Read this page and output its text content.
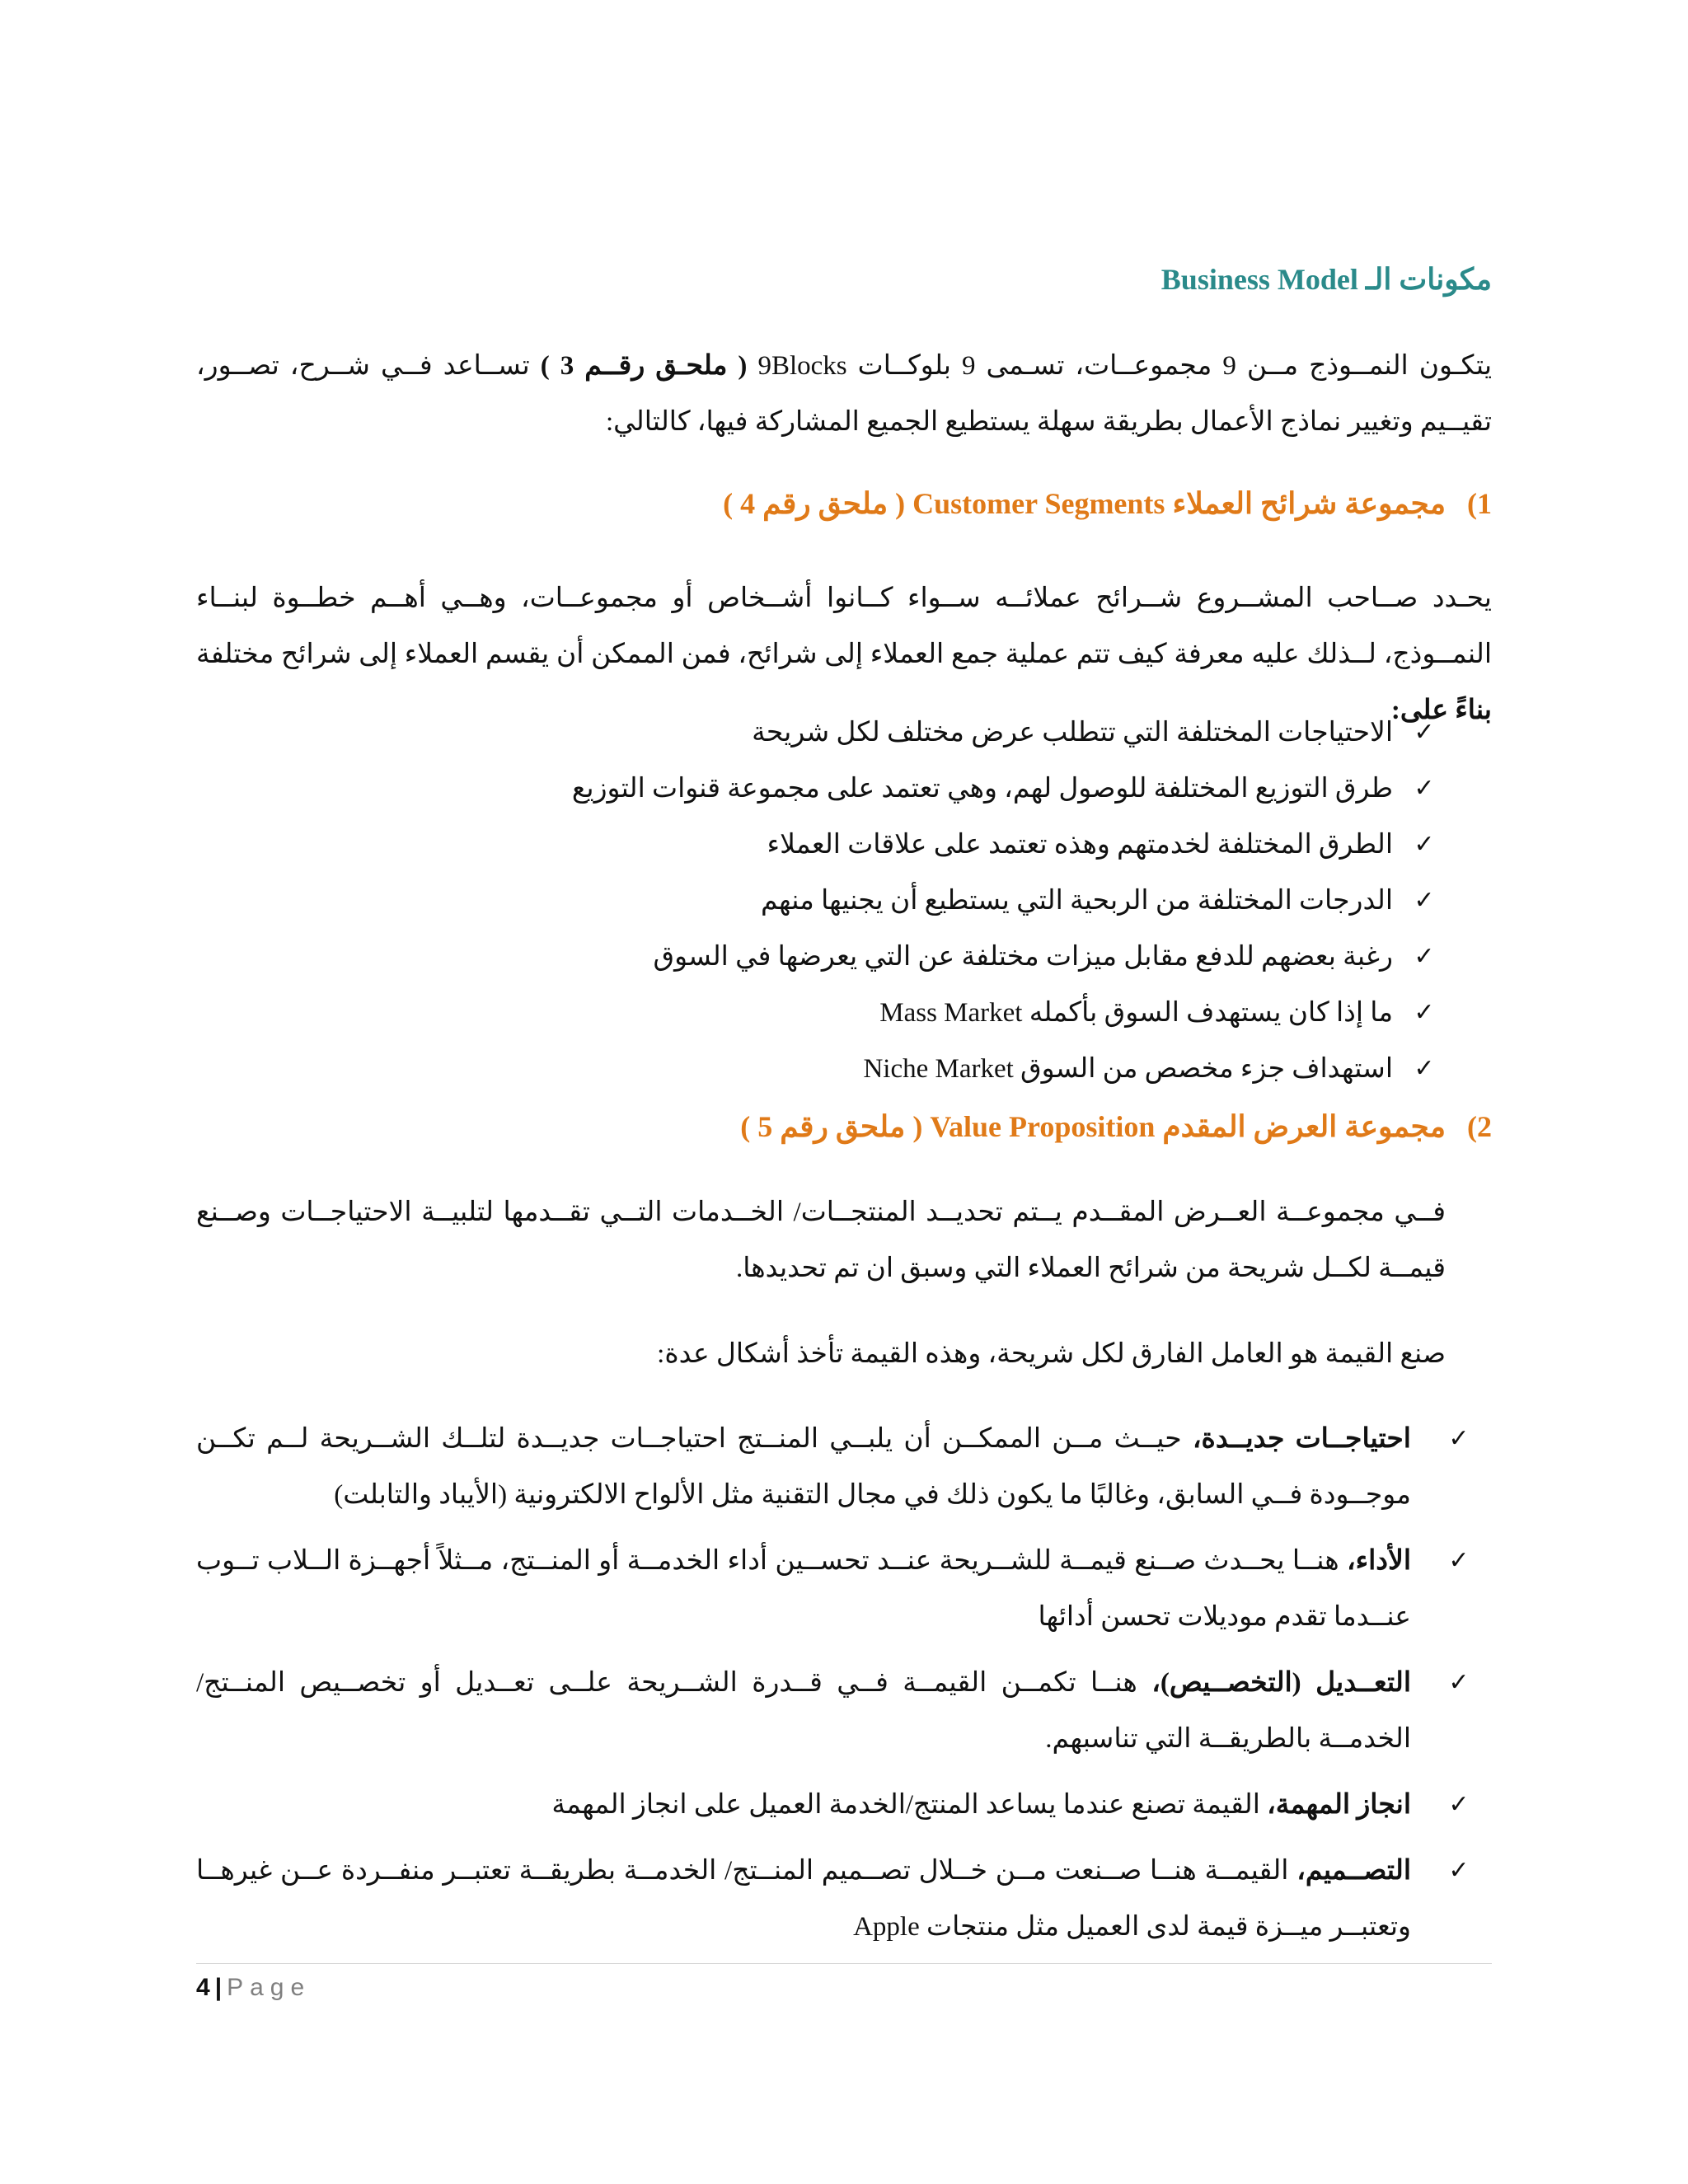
مكونات الـ Business Model
يتكـون النمــوذج مــن 9 مجموعــات، تسـمى 9 بلوكــات 9Blocks ( ملحـق رقــم 3 ) تســاعد فــي شــرح، تصــور، تقيــيم وتغيير نماذج الأعمال بطريقة سهلة يستطيع الجميع المشاركة فيها، كالتالي:
1)
مجموعة شرائح العملاء Customer Segments ( ملحق رقم 4 )
يحـدد صــاحب المشــروع شــرائح عملائــه ســواء كــانوا أشــخاص أو مجموعــات، وهــي أهــم خطــوة لبنــاء النمــوذج، لــذلك عليه معرفة كيف تتم عملية جمع العملاء إلى شرائح، فمن الممكن أن يقسم العملاء إلى شرائح مختلفة بناءً على:
✓
الاحتياجات المختلفة التي تتطلب عرض مختلف لكل شريحة
✓
طرق التوزيع المختلفة للوصول لهم، وهي تعتمد على مجموعة قنوات التوزيع
✓
الطرق المختلفة لخدمتهم وهذه تعتمد على علاقات العملاء
✓
الدرجات المختلفة من الربحية التي يستطيع أن يجنيها منهم
✓
رغبة بعضهم للدفع مقابل ميزات مختلفة عن التي يعرضها في السوق
✓
ما إذا كان يستهدف السوق بأكمله Mass Market
✓
استهداف جزء مخصص من السوق Niche Market
2)
مجموعة العرض المقدم Value Proposition ( ملحق رقم 5 )
فــي مجموعــة العــرض المقــدم يــتم تحديــد المنتجــات/ الخــدمات التــي تقــدمها لتلبيــة الاحتياجــات وصــنع قيمــة لكــل شريحة من شرائح العملاء التي وسبق ان تم تحديدها.
صنع القيمة هو العامل الفارق لكل شريحة، وهذه القيمة تأخذ أشكال عدة:
✓
احتياجــات جديــدة، حيــث مــن الممكــن أن يلبــي المنــتج احتياجــات جديــدة لتلــك الشــريحة لــم تكــن موجــودة فــي السابق، وغالبًا ما يكون ذلك في مجال التقنية مثل الألواح الالكترونية (الأيباد والتابلت)
✓
الأداء، هنــا يحــدث صــنع قيمــة للشــريحة عنــد تحســين أداء الخدمــة أو المنــتج، مــثلاً أجهــزة الــلاب تــوب عنــدما تقدم موديلات تحسن أدائها
✓
التعــديل (التخصــيص)، هنــا تكمــن القيمــة فــي قــدرة الشــريحة علــى تعــديل أو تخصــيص المنــتج/ الخدمــة بالطريقــة التي تناسبهم.
✓
انجاز المهمة، القيمة تصنع عندما يساعد المنتج/الخدمة العميل على انجاز المهمة
✓
التصــميم، القيمــة هنــا صــنعت مــن خــلال تصــميم المنــتج/ الخدمــة بطريقــة تعتبــر منفــردة عــن غيرهــا وتعتبــر ميــزة قيمة لدى العميل مثل منتجات Apple
4 | Page
